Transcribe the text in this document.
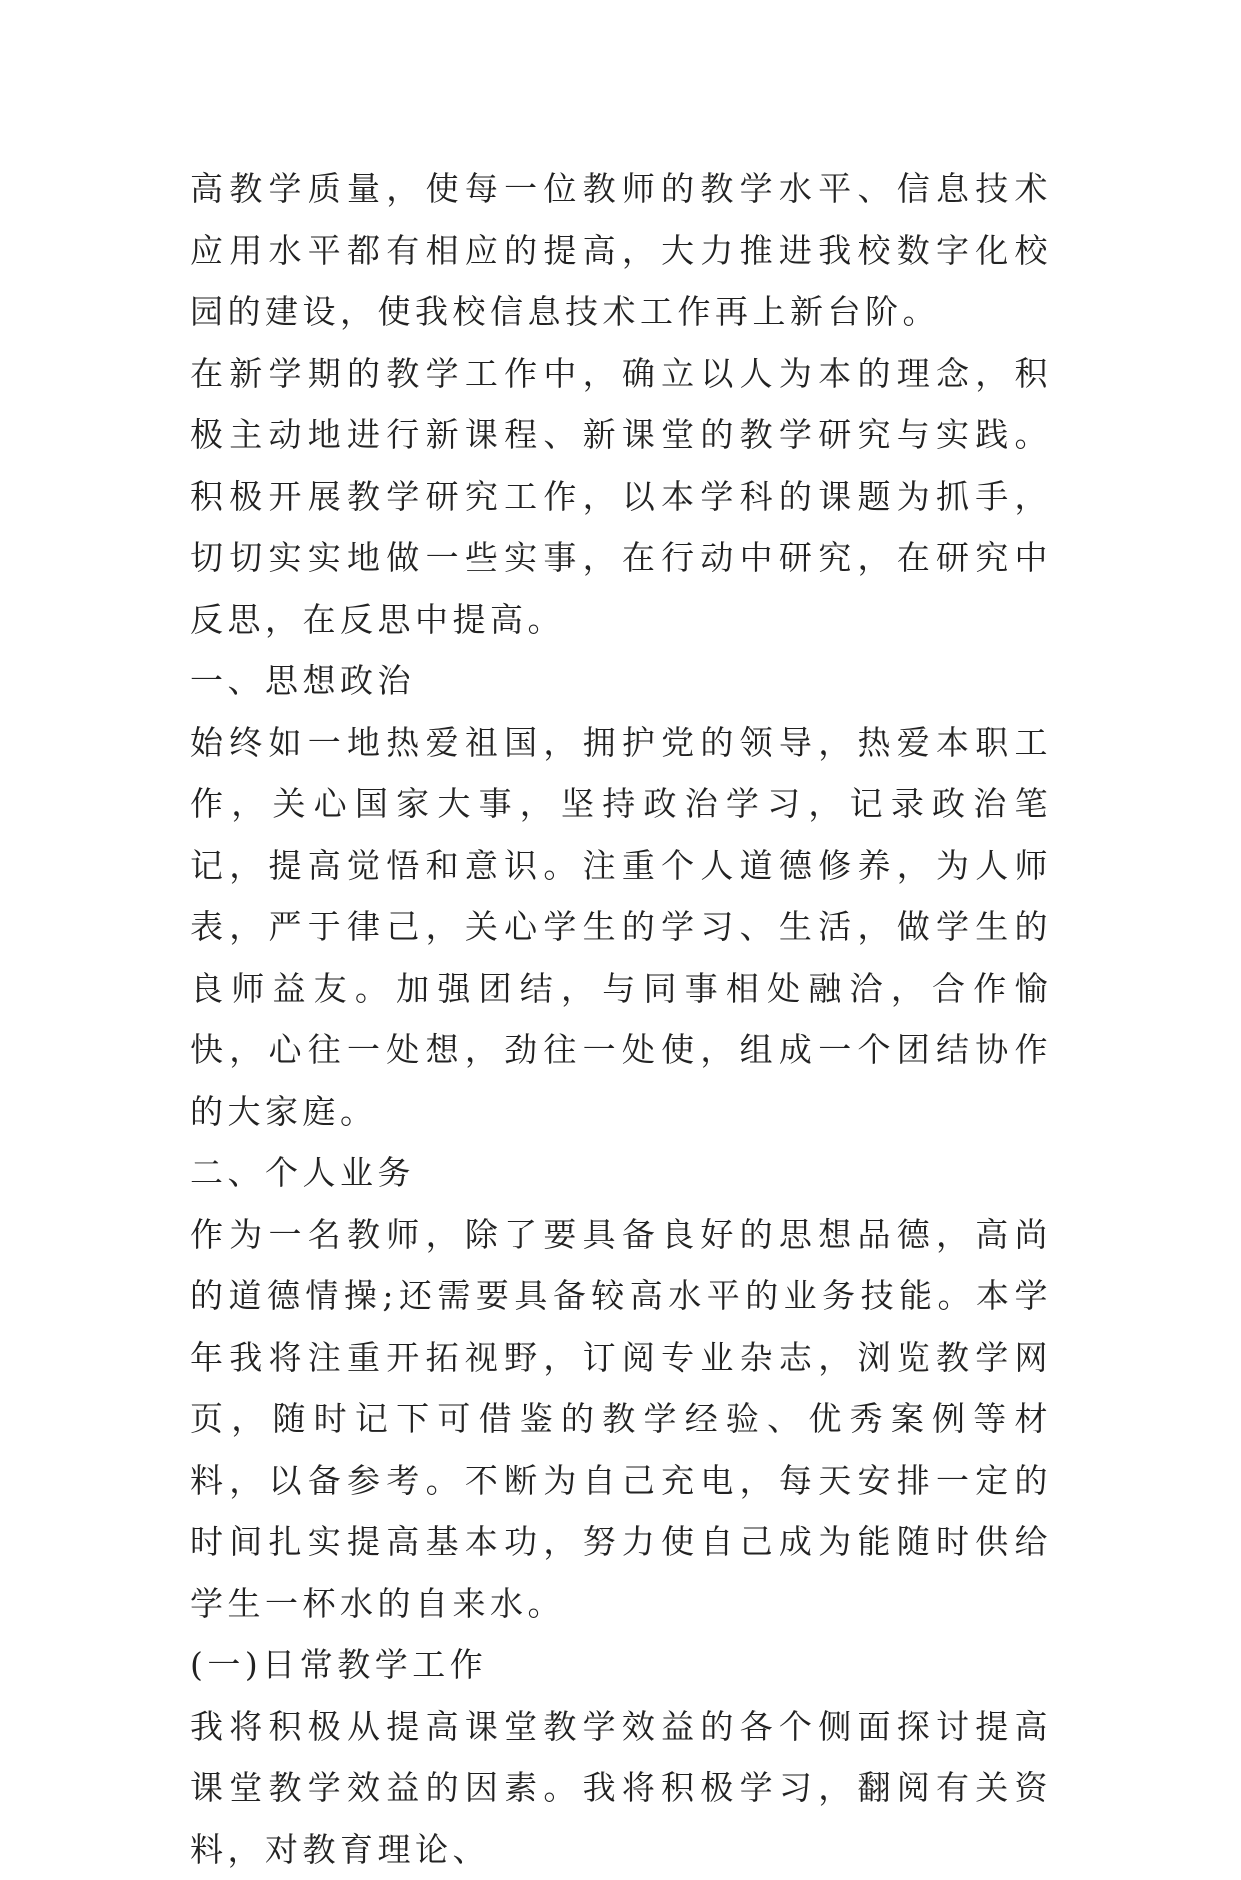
高教学质量，使每一位教师的教学水平、信息技术应用水平都有相应的提高，大力推进我校数字化校园的建设，使我校信息技术工作再上新台阶。

在新学期的教学工作中，确立以人为本的理念，积极主动地进行新课程、新课堂的教学研究与实践。积极开展教学研究工作，以本学科的课题为抓手，切切实实地做一些实事，在行动中研究，在研究中反思，在反思中提高。

一、思想政治

始终如一地热爱祖国，拥护党的领导，热爱本职工作，关心国家大事，坚持政治学习，记录政治笔记，提高觉悟和意识。注重个人道德修养，为人师表，严于律己，关心学生的学习、生活，做学生的良师益友。加强团结，与同事相处融洽，合作愉快，心往一处想，劲往一处使，组成一个团结协作的大家庭。

二、个人业务

作为一名教师，除了要具备良好的思想品德，高尚的道德情操;还需要具备较高水平的业务技能。本学年我将注重开拓视野，订阅专业杂志，浏览教学网页，随时记下可借鉴的教学经验、优秀案例等材料，以备参考。不断为自己充电，每天安排一定的时间扎实提高基本功，努力使自己成为能随时供给学生一杯水的自来水。

(一)日常教学工作

我将积极从提高课堂教学效益的各个侧面探讨提高课堂教学效益的因素。我将积极学习，翻阅有关资料，对教育理论、
